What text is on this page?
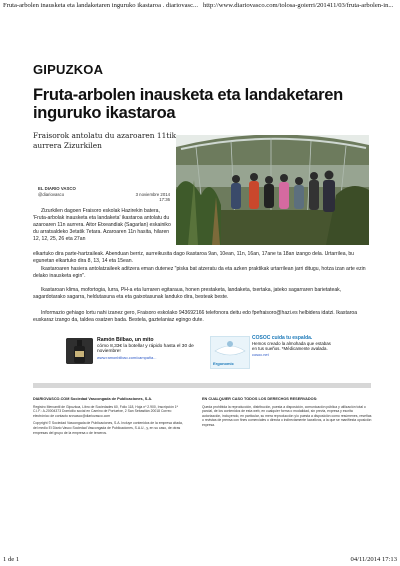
Fruta-arbolen inausketa eta landaketaren inguruko ikastaroa . diariovasc... http://www.diariovasco.com/tolosa-goierri/201411/03/fruta-arbolen-in...
GIPUZKOA
Fruta-arbolen inausketa eta landaketaren inguruko ikastaroa
Fraisorok antolatu du azaroaren 11tik aurrera Zizurkilen
EL DIARIO VASCO
@diariovasco	3 noviembre 2014
17:36
Zizurkilen dagoen Fraisoro eskolak Hazirekin batera, 'Fruta-arbolak inausketa eta landaketa' ikastaroa antolatu du azaroaren 11n aurrera. Aitor Etxeandiak (Sagarlan) eskainiko du arratsaldeko 3etatik 7etara. Azaroaren 11n hasita, hilaren 12, 12, 25, 26 eta 27an
elkartuko dira parte-hartzaileak. Abenduan berriz, aurreikusita dago ikastaroa 9an, 10ean, 11n, 16an, 17ane ta 18an izango dela. Urtarrilea, bu egunetan elkartuko dira 8, 13, 14 eta 15ean.
Ikastaroaren hasiera antolatzaileek aditzera eman dutenez "piska bat atzeratu da eta azken praktikak urtarrilean jarri ditugu, hotza izan arte ezin delako inausketa egin".
Ikastaroan klima, mofortogia, lurra, PH-a eta lurraren egitaraua, honen prestaketa, landaketa, txertaka, jateko sagarraren barietateak, sagardotarako sagarra, heldutasuna eta eta gaixotasunak landuko dira, besteak beste.
Informazio gehiago lortu nahi izanez gero, Fraisoro eskolako 943692166 telefonora deitu edo fpefraisoro@hazi.es helbidera idatzi. Ikastaroa euskaraz izango da, taldea osatzen bada. Bestela, gaztelaniaz egingo dute.
Ramón Bilbao, un mito
cómo 8,33€ la botella! y rápido hasta el 30 de noviembre!
www.ramonbilbao.com/campaña...
Ergonomic
COSOC cuida tu espalda.
Hemos creado la almohada que estabas en tus sueños. *Médicamente avalada.
cosoc.net
DIARIOVASCO.COM Sociedad Vascongada de Publicaciones, S.A.

Registro Mercantil de Gipuzkoa, Libro de Sociedades 60, Folio 118, Hoja nº 2.900, Inscripción 1ª C.I.F.: A-20004373 Domicilio social en Camino de Portuetxe, 2 San Sebastián 20018 Correo electrónico de contacto srcvasco@diariovasco.com

Copyright © Sociedad Vascongada de Publicaciones, S.A. Incluye contenidos de la empresa citada, del medio El Diario Vasco Sociedad Vascongada de Publicaciones, S.A.U., y, en su caso, de otras empresas del grupo de la empresa o de terceros.

EN CUALQUIER CASO TODOS LOS DERECHOS RESERVADOS:

Queda prohibida la reproducción, distribución, puesta a disposición, comunicación pública y utilización total o parcial, de los contenidos de esta web, en cualquier forma o modalidad, sin previa, expresa y escrita autorización, incluyendo, en particular, su mera reproducción y/o puesta a disposición como resúmenes, reseñas o revistas de prensa con fines comerciales o directa o indirectamente lucrativos, a la que se manifiesta oposición expresa.

1 de 1	04/11/2014 17:13
